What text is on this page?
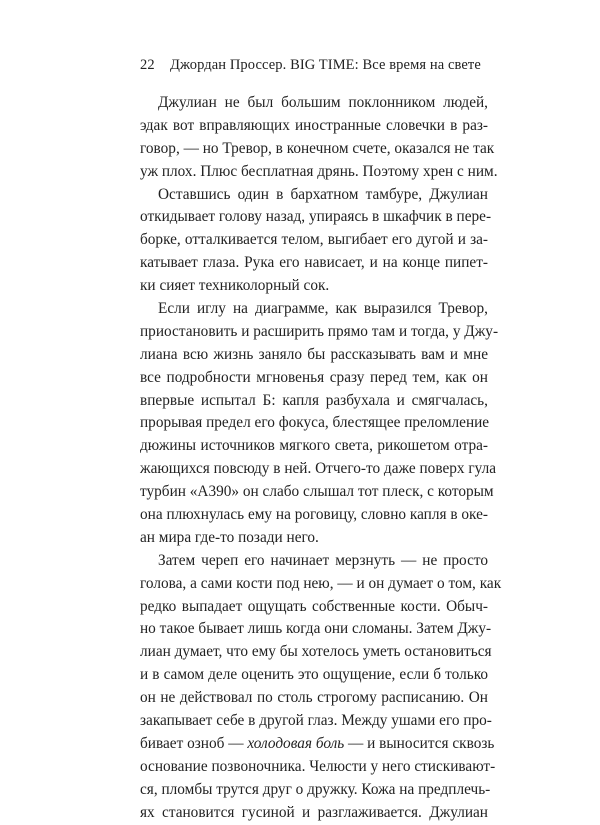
22 Джордан Проссер. BIG TIME: Все время на свете
Джулиан не был большим поклонником людей,
эдак вот вправляющих иностранные словечки в раз-
говор, — но Тревор, в конечном счете, оказался не так
уж плох. Плюс бесплатная дрянь. Поэтому хрен с ним.
Оставшись один в бархатном тамбуре, Джулиан
откидывает голову назад, упираясь в шкафчик в пере-
борке, отталкивается телом, выгибает его дугой и за-
катывает глаза. Рука его нависает, и на конце пипет-
ки сияет техниколорный сок.
Если иглу на диаграмме, как выразился Тревор,
приостановить и расширить прямо там и тогда, у Джу-
лиана всю жизнь заняло бы рассказывать вам и мне
все подробности мгновенья сразу перед тем, как он
впервые испытал Б: капля разбухала и смягчалась,
прорывая предел его фокуса, блестящее преломление
дюжины источников мягкого света, рикошетом отра-
жающихся повсюду в ней. Отчего-то даже поверх гула
турбин «А390» он слабо слышал тот плеск, с которым
она плюхнулась ему на роговицу, словно капля в оке-
ан мира где-то позади него.
Затем череп его начинает мерзнуть — не просто
голова, а сами кости под нею, — и он думает о том, как
редко выпадает ощущать собственные кости. Обыч-
но такое бывает лишь когда они сломаны. Затем Джу-
лиан думает, что ему бы хотелось уметь остановиться
и в самом деле оценить это ощущение, если б только
он не действовал по столь строгому расписанию. Он
закапывает себе в другой глаз. Между ушами его про-
бивает озноб — холодовая боль — и выносится сквозь
основание позвоночника. Челюсти у него стискивают-
ся, пломбы трутся друг о дружку. Кожа на предплечь-
ях становится гусиной и разглаживается. Джулиан
